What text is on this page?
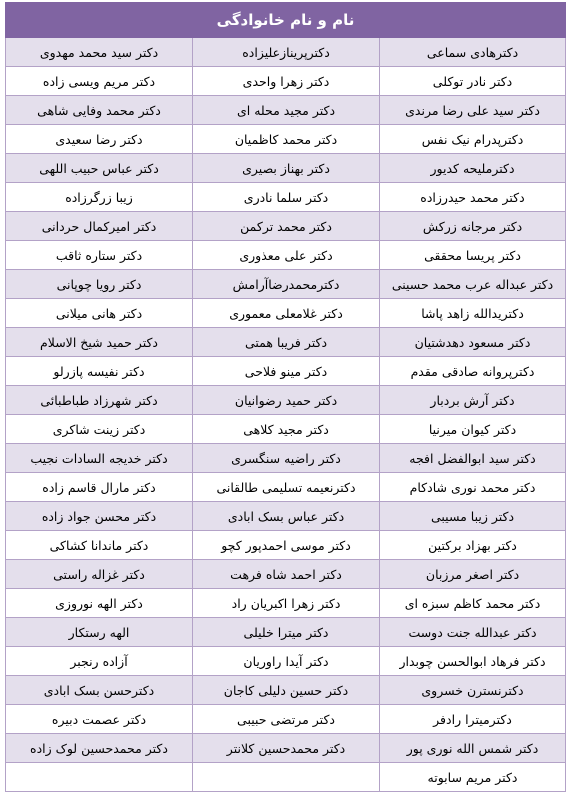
نام و نام خانوادگی		
دکترهادی سماعی	دکترپرینازعلیزاده	دکتر سید محمد مهدوی
دکتر نادر توکلی	دکتر زهرا واحدی	دکتر مریم ویسی زاده
دکتر سید علی رضا مرندی	دکتر مجید محله ای	دکتر محمد وفایی شاهی
دکترپدرام نیک نفس	دکتر محمد کاظمیان	دکتر رضا سعیدی
دکترملیحه کدیور	دکتر بهناز بصیری	دکتر عباس حبیب اللهی
دکتر محمد حیدرزاده	دکتر سلما نادری	زیبا زرگرزاده
دکتر مرجانه زرکش	دکتر محمد ترکمن	دکتر امیرکمال حردانی
دکتر پریسا محققی	دکتر علی معذوری	دکتر ستاره ثاقب
دکتر عبداله عرب محمد حسینی	دکترمحمدرضاآرامش	دکتر رویا چوپانی
دکتریدالله زاهد پاشا	دکتر غلامعلی معموری	دکتر هانی میلانی
دکتر مسعود دهدشتیان	دکتر فریبا همتی	دکتر حمید شیخ الاسلام
دکترپروانه صادقی مقدم	دکتر مینو فلاحی	دکتر نفیسه پازرلو
دکتر آرش بردبار	دکتر حمید رضوانیان	دکتر شهرزاد طباطبائی
دکتر کیوان میرنیا	دکتر مجید کلاهی	دکتر زینت شاکری
دکتر سید ابوالفضل افجه	دکتر راضیه سنگسری	دکتر خدیجه السادات نجیب
دکتر محمد نوری شادکام	دکترنعیمه تسلیمی طالقانی	دکتر مارال قاسم زاده
دکتر زیبا مسیبی	دکتر عباس بسک ابادی	دکتر محسن جواد زاده
دکتر بهزاد برکتین	دکتر موسی احمدپور کچو	دکتر ماندانا کشاکی
دکتر اصغر مرزبان	دکتر احمد شاه فرهت	دکتر غزاله راستی
دکتر محمد کاظم سبزه ای	دکتر زهرا اکبریان راد	دکتر الهه نوروزی
دکتر عبدالله جنت دوست	دکتر میترا خلیلی	الهه رستکار
دکتر فرهاد ابوالحسن چوبدار	دکتر آیدا راوریان	آزاده رنجبر
دکترنسترن خسروی	دکتر حسین دلیلی کاجان	دکترحسن بسک ابادی
دکترمیترا رادفر	دکتر مرتضی حبیبی	دکتر عصمت دبیره
دکتر شمس الله نوری پور	دکتر محمدحسین کلانتر	دکتر محمدحسین لوک زاده
دکتر مریم سابوته		
